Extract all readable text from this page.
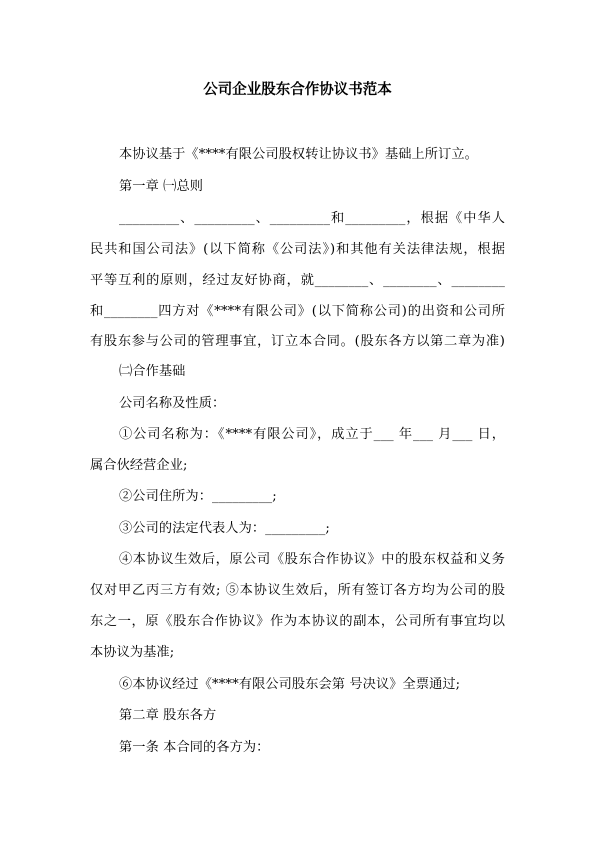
公司企业股东合作协议书范本
本协议基于《****有限公司股权转让协议书》基础上所订立。
第一章 ㈠总则
_________、_________、_________和_________，根据《中华人
民共和国公司法》(以下简称《公司法》)和其他有关法律法规，根据
平等互利的原则，经过友好协商，就________、________、________
和________四方对《****有限公司》(以下简称公司)的出资和公司所
有股东参与公司的管理事宜，订立本合同。(股东各方以第二章为准)
㈡合作基础
公司名称及性质：
①公司名称为：《****有限公司》，成立于___ 年___ 月___ 日，
属合伙经营企业;
②公司住所为：_________;
③公司的法定代表人为：_________;
④本协议生效后，原公司《股东合作协议》中的股东权益和义务
仅对甲乙丙三方有效; ⑤本协议生效后，所有签订各方均为公司的股
东之一，原《股东合作协议》作为本协议的副本，公司所有事宜均以
本协议为基准;
⑥本协议经过《****有限公司股东会第 号决议》全票通过;
第二章 股东各方
第一条 本合同的各方为：
